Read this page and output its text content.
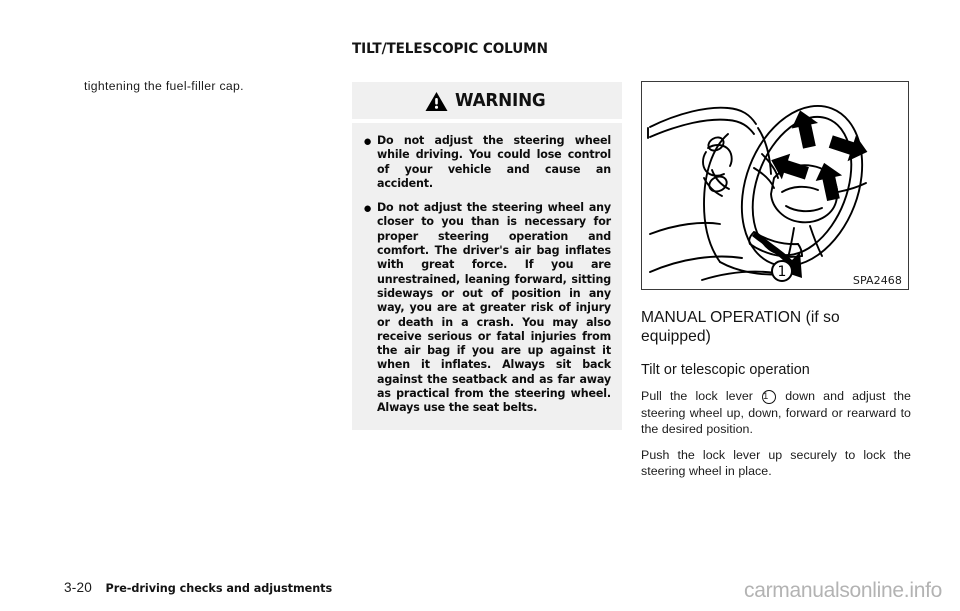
tightening the fuel-filler cap.
TILT/TELESCOPIC COLUMN
WARNING
● Do not adjust the steering wheel while driving. You could lose control of your vehicle and cause an accident.
● Do not adjust the steering wheel any closer to you than is necessary for proper steering operation and comfort. The driver's air bag inflates with great force. If you are unrestrained, leaning forward, sitting sideways or out of position in any way, you are at greater risk of injury or death in a crash. You may also receive serious or fatal injuries from the air bag if you are up against it when it inflates. Always sit back against the seatback and as far away as practical from the steering wheel. Always use the seat belts.
1
SPA2468
MANUAL OPERATION (if so equipped)
Tilt or telescopic operation
Pull the lock lever 1 down and adjust the steering wheel up, down, forward or rearward to the desired position.
Push the lock lever up securely to lock the steering wheel in place.
3-20 Pre-driving checks and adjustments	carmanualsonline.info
